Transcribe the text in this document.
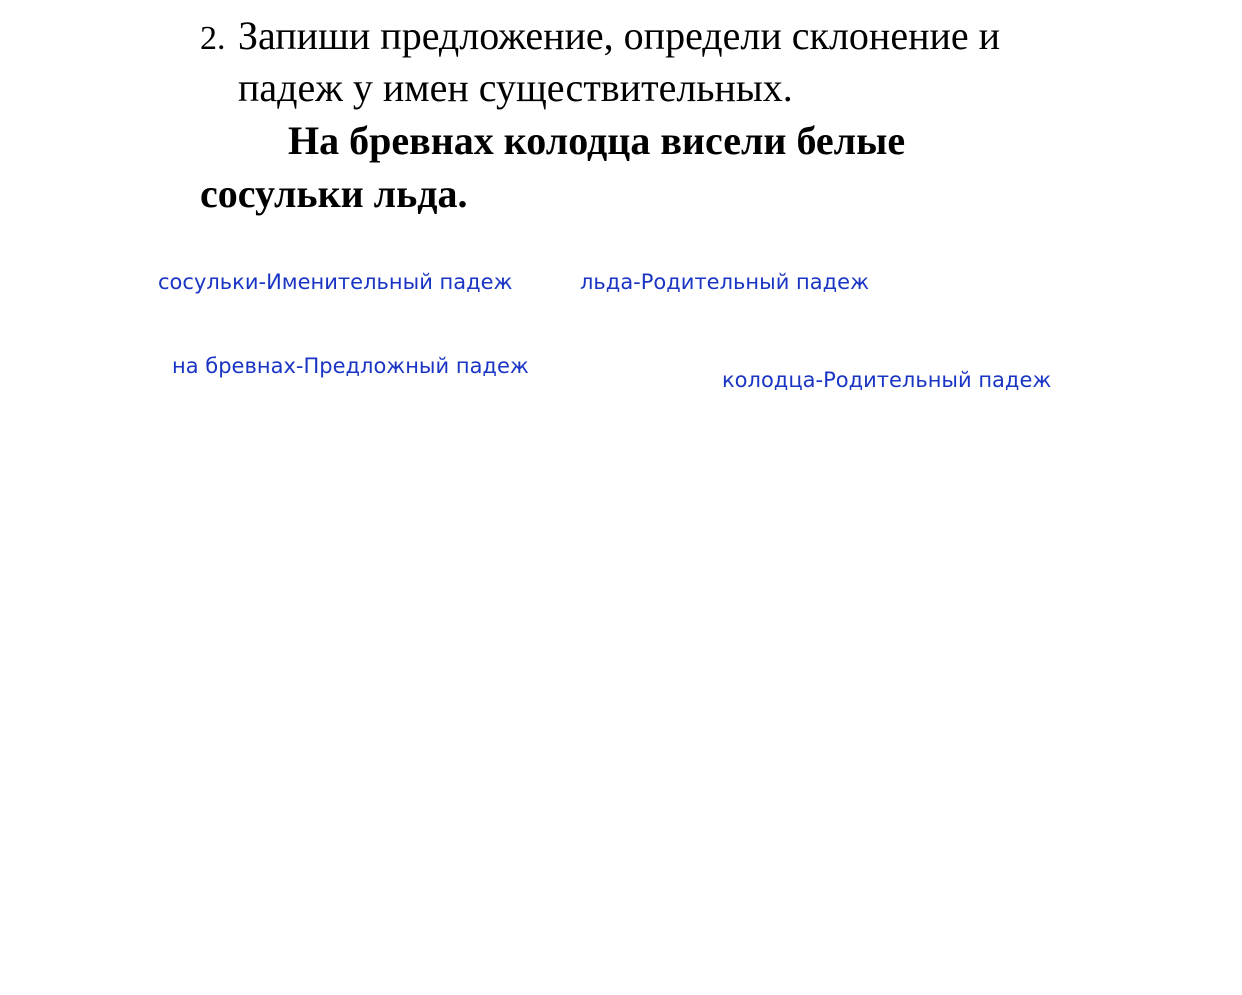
2. Запиши предложение, определи склонение и
падеж у имен существительных.
На бревнах колодца висели белые
сосульки льда.
сосульки-Именительный падеж	льда-Родительный падеж
на бревнах-Предложный падеж
колодца-Родительный падеж
